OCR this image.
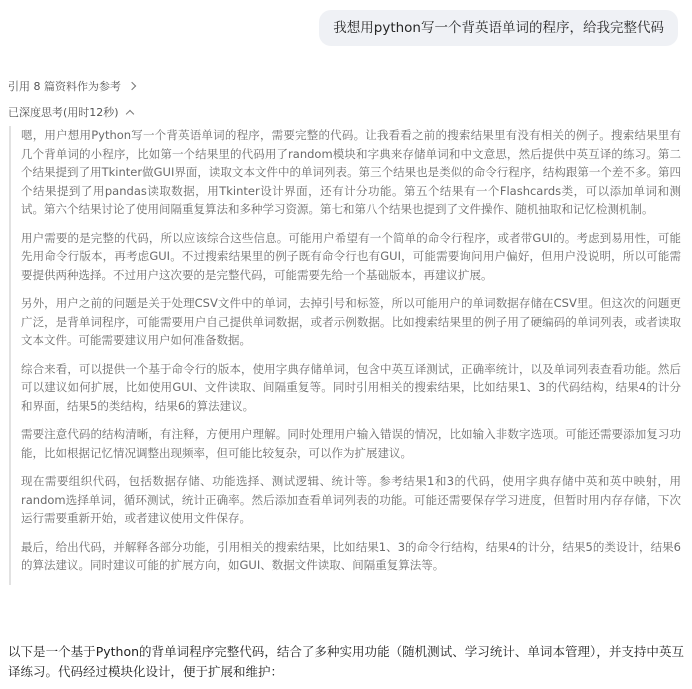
我想用python写一个背英语单词的程序，给我完整代码
引用 8 篇资料作为参考
已深度思考(用时12秒)

嗯，用户想用Python写一个背英语单词的程序，需要完整的代码。让我看看之前的搜索结果里有没有相关的例子。搜索结果里有几个背单词的小程序，比如第一个结果里的代码用了random模块和字典来存储单词和中文意思，然后提供中英互译的练习。第二个结果提到了用Tkinter做GUI界面，读取文本文件中的单词列表。第三个结果也是类似的命令行程序，结构跟第一个差不多。第四个结果提到了用pandas读取数据，用Tkinter设计界面，还有计分功能。第五个结果有一个Flashcards类，可以添加单词和测试。第六个结果讨论了使用间隔重复算法和多种学习资源。第七和第八个结果也提到了文件操作、随机抽取和记忆检测机制。

用户需要的是完整的代码，所以应该综合这些信息。可能用户希望有一个简单的命令行程序，或者带GUI的。考虑到易用性，可能先用命令行版本，再考虑GUI。不过搜索结果里的例子既有命令行也有GUI，可能需要询问用户偏好，但用户没说明，所以可能需要提供两种选择。不过用户这次要的是完整代码，可能需要先给一个基础版本，再建议扩展。

另外，用户之前的问题是关于处理CSV文件中的单词，去掉引号和标签，所以可能用户的单词数据存储在CSV里。但这次的问题更广泛，是背单词程序，可能需要用户自己提供单词数据，或者示例数据。比如搜索结果里的例子用了硬编码的单词列表，或者读取文本文件。可能需要建议用户如何准备数据。

综合来看，可以提供一个基于命令行的版本，使用字典存储单词，包含中英互译测试，正确率统计，以及单词列表查看功能。然后可以建议如何扩展，比如使用GUI、文件读取、间隔重复等。同时引用相关的搜索结果，比如结果1、3的代码结构，结果4的计分和界面，结果5的类结构，结果6的算法建议。

需要注意代码的结构清晰，有注释，方便用户理解。同时处理用户输入错误的情况，比如输入非数字选项。可能还需要添加复习功能，比如根据记忆情况调整出现频率，但可能比较复杂，可以作为扩展建议。

现在需要组织代码，包括数据存储、功能选择、测试逻辑、统计等。参考结果1和3的代码，使用字典存储中英和英中映射，用random选择单词，循环测试，统计正确率。然后添加查看单词列表的功能。可能还需要保存学习进度，但暂时用内存存储，下次运行需要重新开始，或者建议使用文件保存。

最后，给出代码，并解释各部分功能，引用相关的搜索结果，比如结果1、3的命令行结构，结果4的计分，结果5的类设计，结果6的算法建议。同时建议可能的扩展方向，如GUI、数据文件读取、间隔重复算法等。

以下是一个基于Python的背单词程序完整代码，结合了多种实用功能（随机测试、学习统计、单词本管理），并支持中英互译练习。代码经过模块化设计，便于扩展和维护：
